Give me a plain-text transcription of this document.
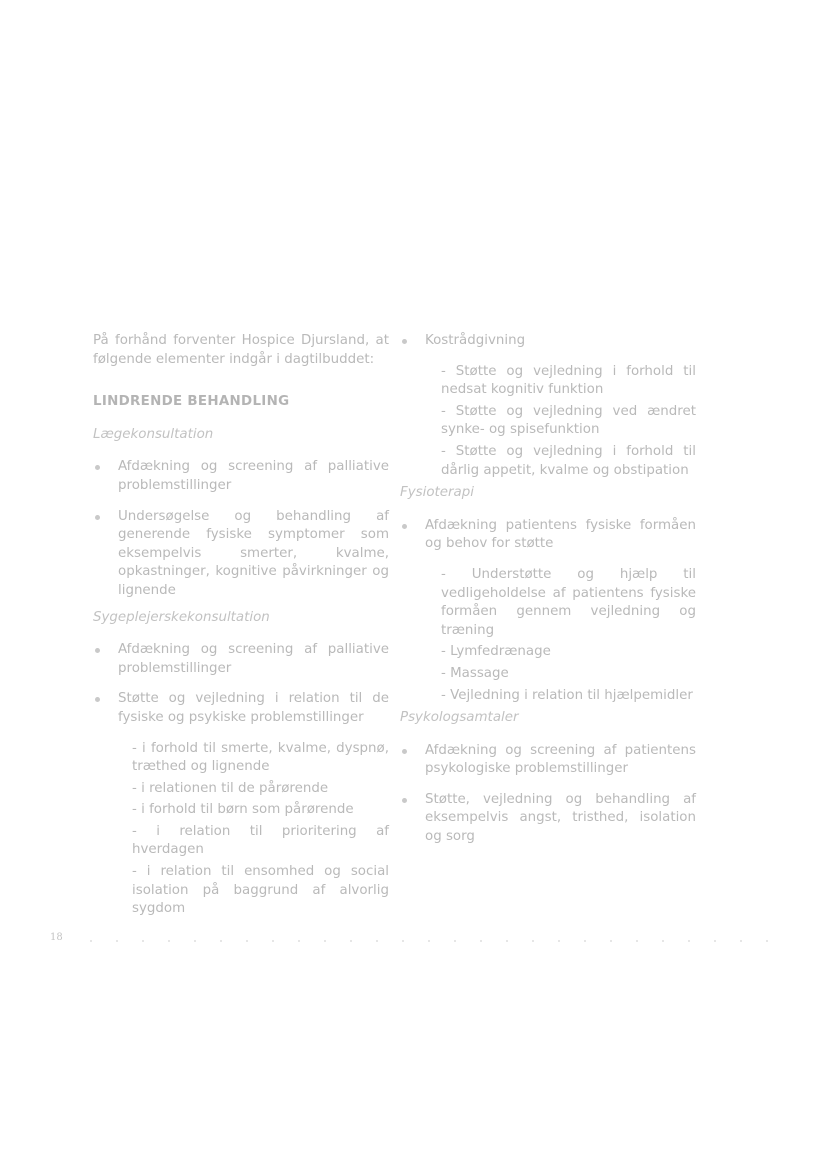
På forhånd forventer Hospice Djursland, at følgende elementer indgår i dagtilbuddet:

LINDRENDE BEHANDLING

Lægekonsultation

Afdækning og screening af palliative problemstillinger
Undersøgelse og behandling af generende fysiske symptomer som eksempelvis smerter, kvalme, opkastninger, kognitive påvirkninger og lignende

Sygeplejerskekonsultation

Afdækning og screening af palliative problemstillinger
Støtte og vejledning i relation til de fysiske og psykiske problemstillinger
- i forhold til smerte, kvalme, dyspnø, træthed og lignende
- i relationen til de pårørende
- i forhold til børn som pårørende
- i relation til prioritering af hverdagen
- i relation til ensomhed og social isolation på baggrund af alvorlig sygdom
Kostrådgivning
- Støtte og vejledning i forhold til nedsat kognitiv funktion
- Støtte og vejledning ved ændret synke- og spisefunktion
- Støtte og vejledning i forhold til dårlig appetit, kvalme og obstipation

Fysioterapi

Afdækning patientens fysiske formåen og behov for støtte
- Understøtte og hjælp til vedligeholdelse af patientens fysiske formåen gennem vejledning og træning
- Lymfedrænage
- Massage
- Vejledning i relation til hjælpemidler

Psykologsamtaler

Afdækning og screening af patientens psykologiske problemstillinger
Støtte, vejledning og behandling af eksempelvis angst, tristhed, isolation og sorg
18
